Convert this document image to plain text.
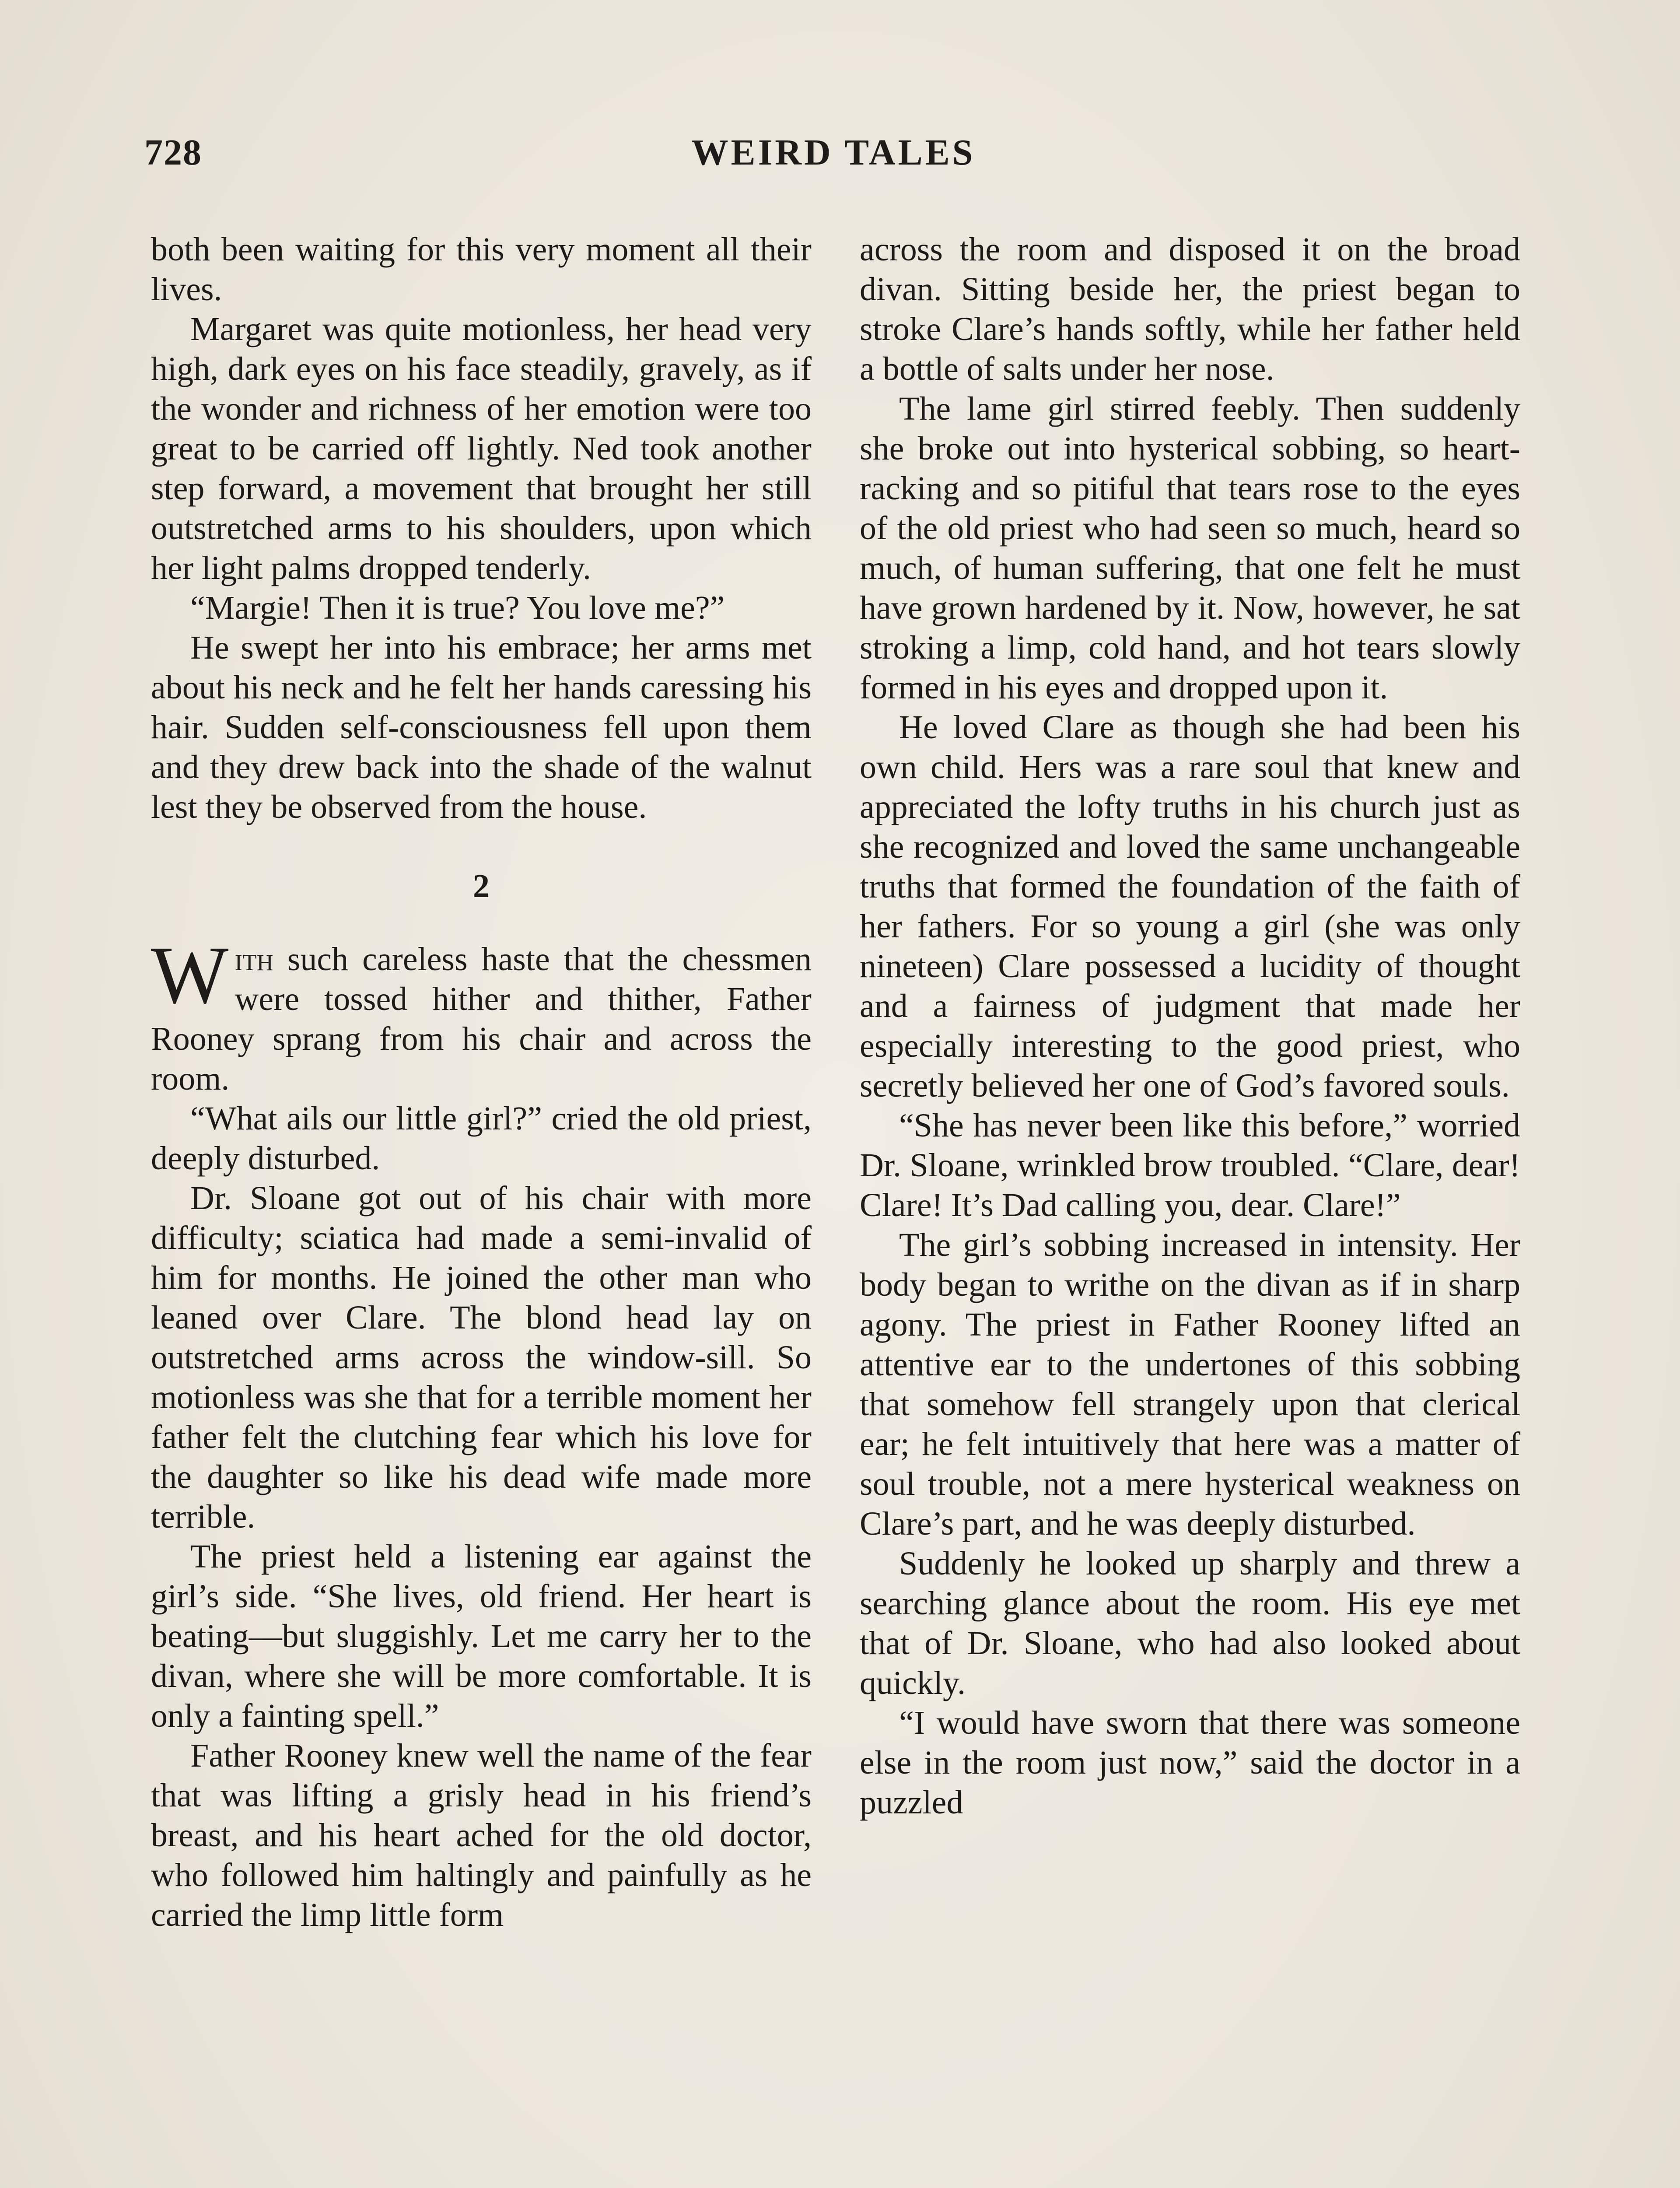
728	WEIRD TALES

both been waiting for this very moment all their lives.

Margaret was quite motionless, her head very high, dark eyes on his face steadily, gravely, as if the wonder and richness of her emotion were too great to be carried off lightly. Ned took another step forward, a movement that brought her still outstretched arms to his shoulders, upon which her light palms dropped tenderly.

“Margie! Then it is true? You love me?”

He swept her into his embrace; her arms met about his neck and he felt her hands caressing his hair. Sudden self-consciousness fell upon them and they drew back into the shade of the walnut lest they be observed from the house.

2

With such careless haste that the chessmen were tossed hither and thither, Father Rooney sprang from his chair and across the room.

“What ails our little girl?” cried the old priest, deeply disturbed.

Dr. Sloane got out of his chair with more difficulty; sciatica had made a semi-invalid of him for months. He joined the other man who leaned over Clare. The blond head lay on outstretched arms across the window-sill. So motionless was she that for a terrible moment her father felt the clutching fear which his love for the daughter so like his dead wife made more terrible.

The priest held a listening ear against the girl’s side. “She lives, old friend. Her heart is beating—but sluggishly. Let me carry her to the divan, where she will be more comfortable. It is only a fainting spell.”

Father Rooney knew well the name of the fear that was lifting a grisly head in his friend’s breast, and his heart ached for the old doctor, who followed him haltingly and painfully as he carried the limp little form

across the room and disposed it on the broad divan. Sitting beside her, the priest began to stroke Clare’s hands softly, while her father held a bottle of salts under her nose.

The lame girl stirred feebly. Then suddenly she broke out into hysterical sobbing, so heart-racking and so pitiful that tears rose to the eyes of the old priest who had seen so much, heard so much, of human suffering, that one felt he must have grown hardened by it. Now, however, he sat stroking a limp, cold hand, and hot tears slowly formed in his eyes and dropped upon it.

He loved Clare as though she had been his own child. Hers was a rare soul that knew and appreciated the lofty truths in his church just as she recognized and loved the same unchangeable truths that formed the foundation of the faith of her fathers. For so young a girl (she was only nineteen) Clare possessed a lucidity of thought and a fairness of judgment that made her especially interesting to the good priest, who secretly believed her one of God’s favored souls.

“She has never been like this before,” worried Dr. Sloane, wrinkled brow troubled. “Clare, dear! Clare! It’s Dad calling you, dear. Clare!”

The girl’s sobbing increased in intensity. Her body began to writhe on the divan as if in sharp agony. The priest in Father Rooney lifted an attentive ear to the undertones of this sobbing that somehow fell strangely upon that clerical ear; he felt intuitively that here was a matter of soul trouble, not a mere hysterical weakness on Clare’s part, and he was deeply disturbed.

Suddenly he looked up sharply and threw a searching glance about the room. His eye met that of Dr. Sloane, who had also looked about quickly.

“I would have sworn that there was someone else in the room just now,” said the doctor in a puzzled
